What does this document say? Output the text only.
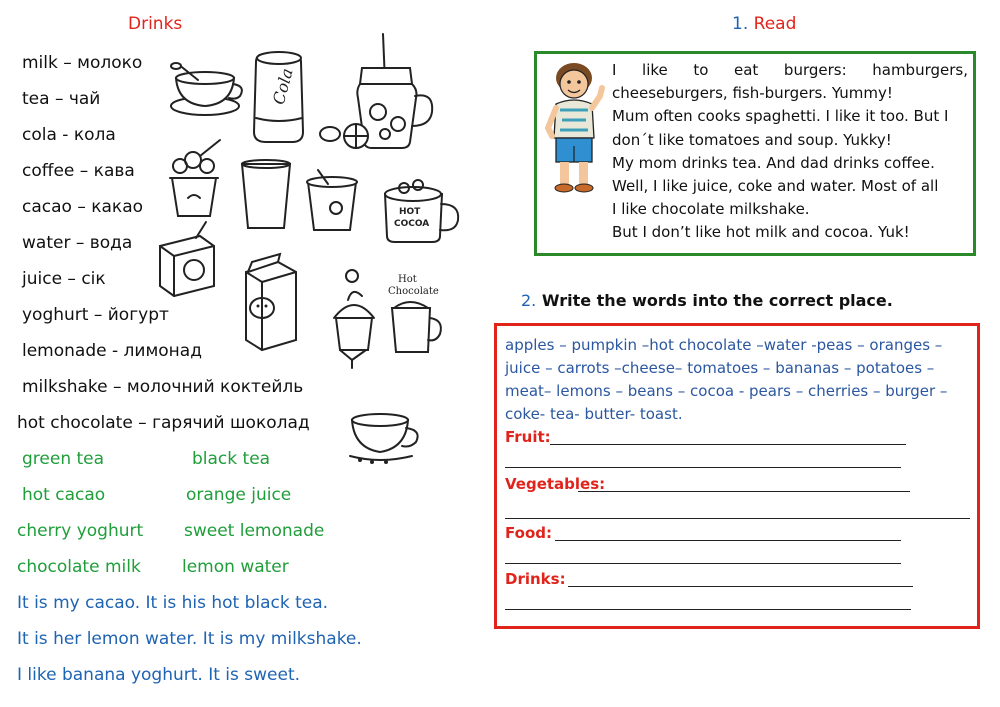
Drinks
milk – молоко
tea – чай
cola - кола
coffee – кава
cacao – какао
water – вода
juice – сік
yoghurt – йогурт
lemonade - лимонад
milkshake – молочний коктейль
hot chocolate – гарячий шоколад
green tea	black tea
hot cacao	orange juice
cherry yoghurt sweet lemonade
chocolate milk lemon water
It is my cacao. It is his hot black tea.
It is her lemon water. It is my milkshake.
I like banana yoghurt. It is sweet.
Cola
HOT
COCOA
Hot
Chocolate
1. Read
I like to eat burgers: hamburgers,
cheeseburgers, fish-burgers. Yummy!
Mum often cooks spaghetti. I like it too. But I
don´t like tomatoes and soup. Yukky!
My mom drinks tea. And dad drinks coffee.
Well, I like juice, coke and water. Most of all
I like chocolate milkshake.
But I don’t like hot milk and cocoa. Yuk!
2. Write the words into the correct place.
apples – pumpkin –hot chocolate –water -peas – oranges –
juice – carrots –cheese– tomatoes – bananas – potatoes –
meat– lemons – beans – cocoa - pears – cherries – burger –
coke- tea- butter- toast.
Fruit:
Vegetables:
Food:
Drinks:
